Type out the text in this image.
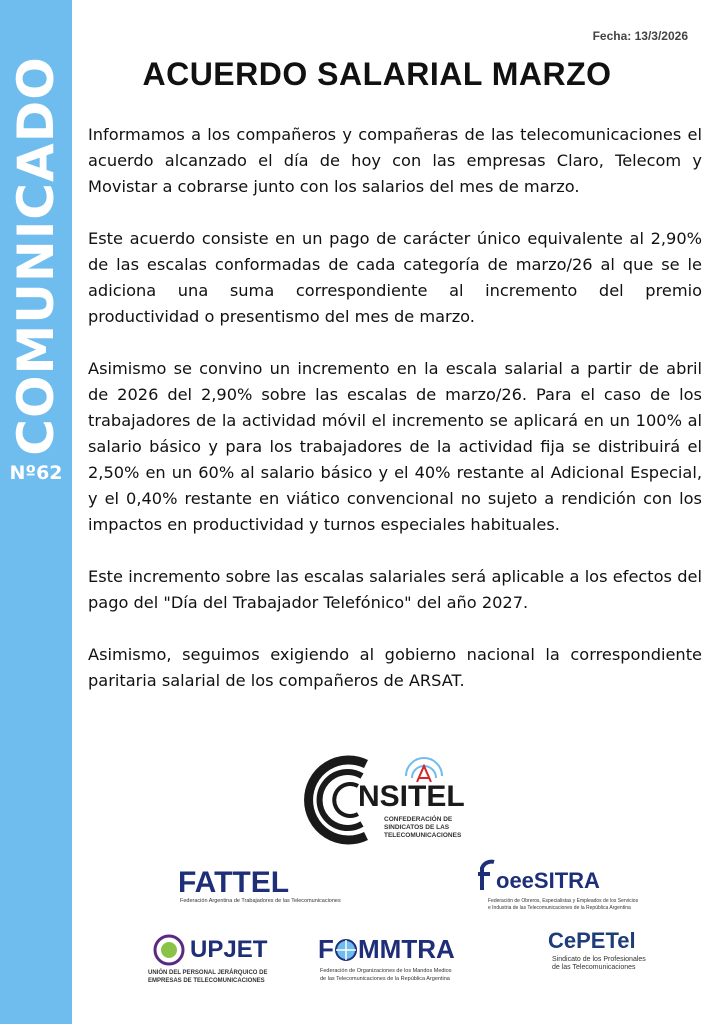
COMUNICADO
Nº62
Fecha: 13/3/2026
ACUERDO SALARIAL MARZO

Informamos a los compañeros y compañeras de las telecomunicaciones el acuerdo alcanzado el día de hoy con las empresas Claro, Telecom y Movistar a cobrarse junto con los salarios del mes de marzo.

Este acuerdo consiste en un pago de carácter único equivalente al 2,90% de las escalas conformadas de cada categoría de marzo/26 al que se le adiciona una suma correspondiente al incremento del premio productividad o presentismo del mes de marzo.

Asimismo se convino un incremento en la escala salarial a partir de abril de 2026 del 2,90% sobre las escalas de marzo/26. Para el caso de los trabajadores de la actividad móvil el incremento se aplicará en un 100% al salario básico y para los trabajadores de la actividad fija se distribuirá el 2,50% en un 60% al salario básico y el 40% restante al Adicional Especial, y el 0,40% restante en viático convencional no sujeto a rendición con los impactos en productividad y turnos especiales habituales.

Este incremento sobre las escalas salariales será aplicable a los efectos del pago del "Día del Trabajador Telefónico" del año 2027.

Asimismo, seguimos exigiendo al gobierno nacional la correspondiente paritaria salarial de los compañeros de ARSAT.

NSITEL
CONFEDERACIÓN DE
SINDICATOS DE LAS
TELECOMUNICACIONES
FATTEL
Federación Argentina de Trabajadores de las Telecomunicaciones
oeeSITRA
Federación de Obreros, Especialistas y Empleados de los Servicios
e Industria de las Telecomunicaciones de la República Argentina
UPJET
UNIÓN DEL PERSONAL JERÁRQUICO DE
EMPRESAS DE TELECOMUNICACIONES
F MMTRA
Federación de Organizaciones de los Mandos Medios
de las Telecomunicaciones de la República Argentina
CePETel
Sindicato de los Profesionales
de las Telecomunicaciones
